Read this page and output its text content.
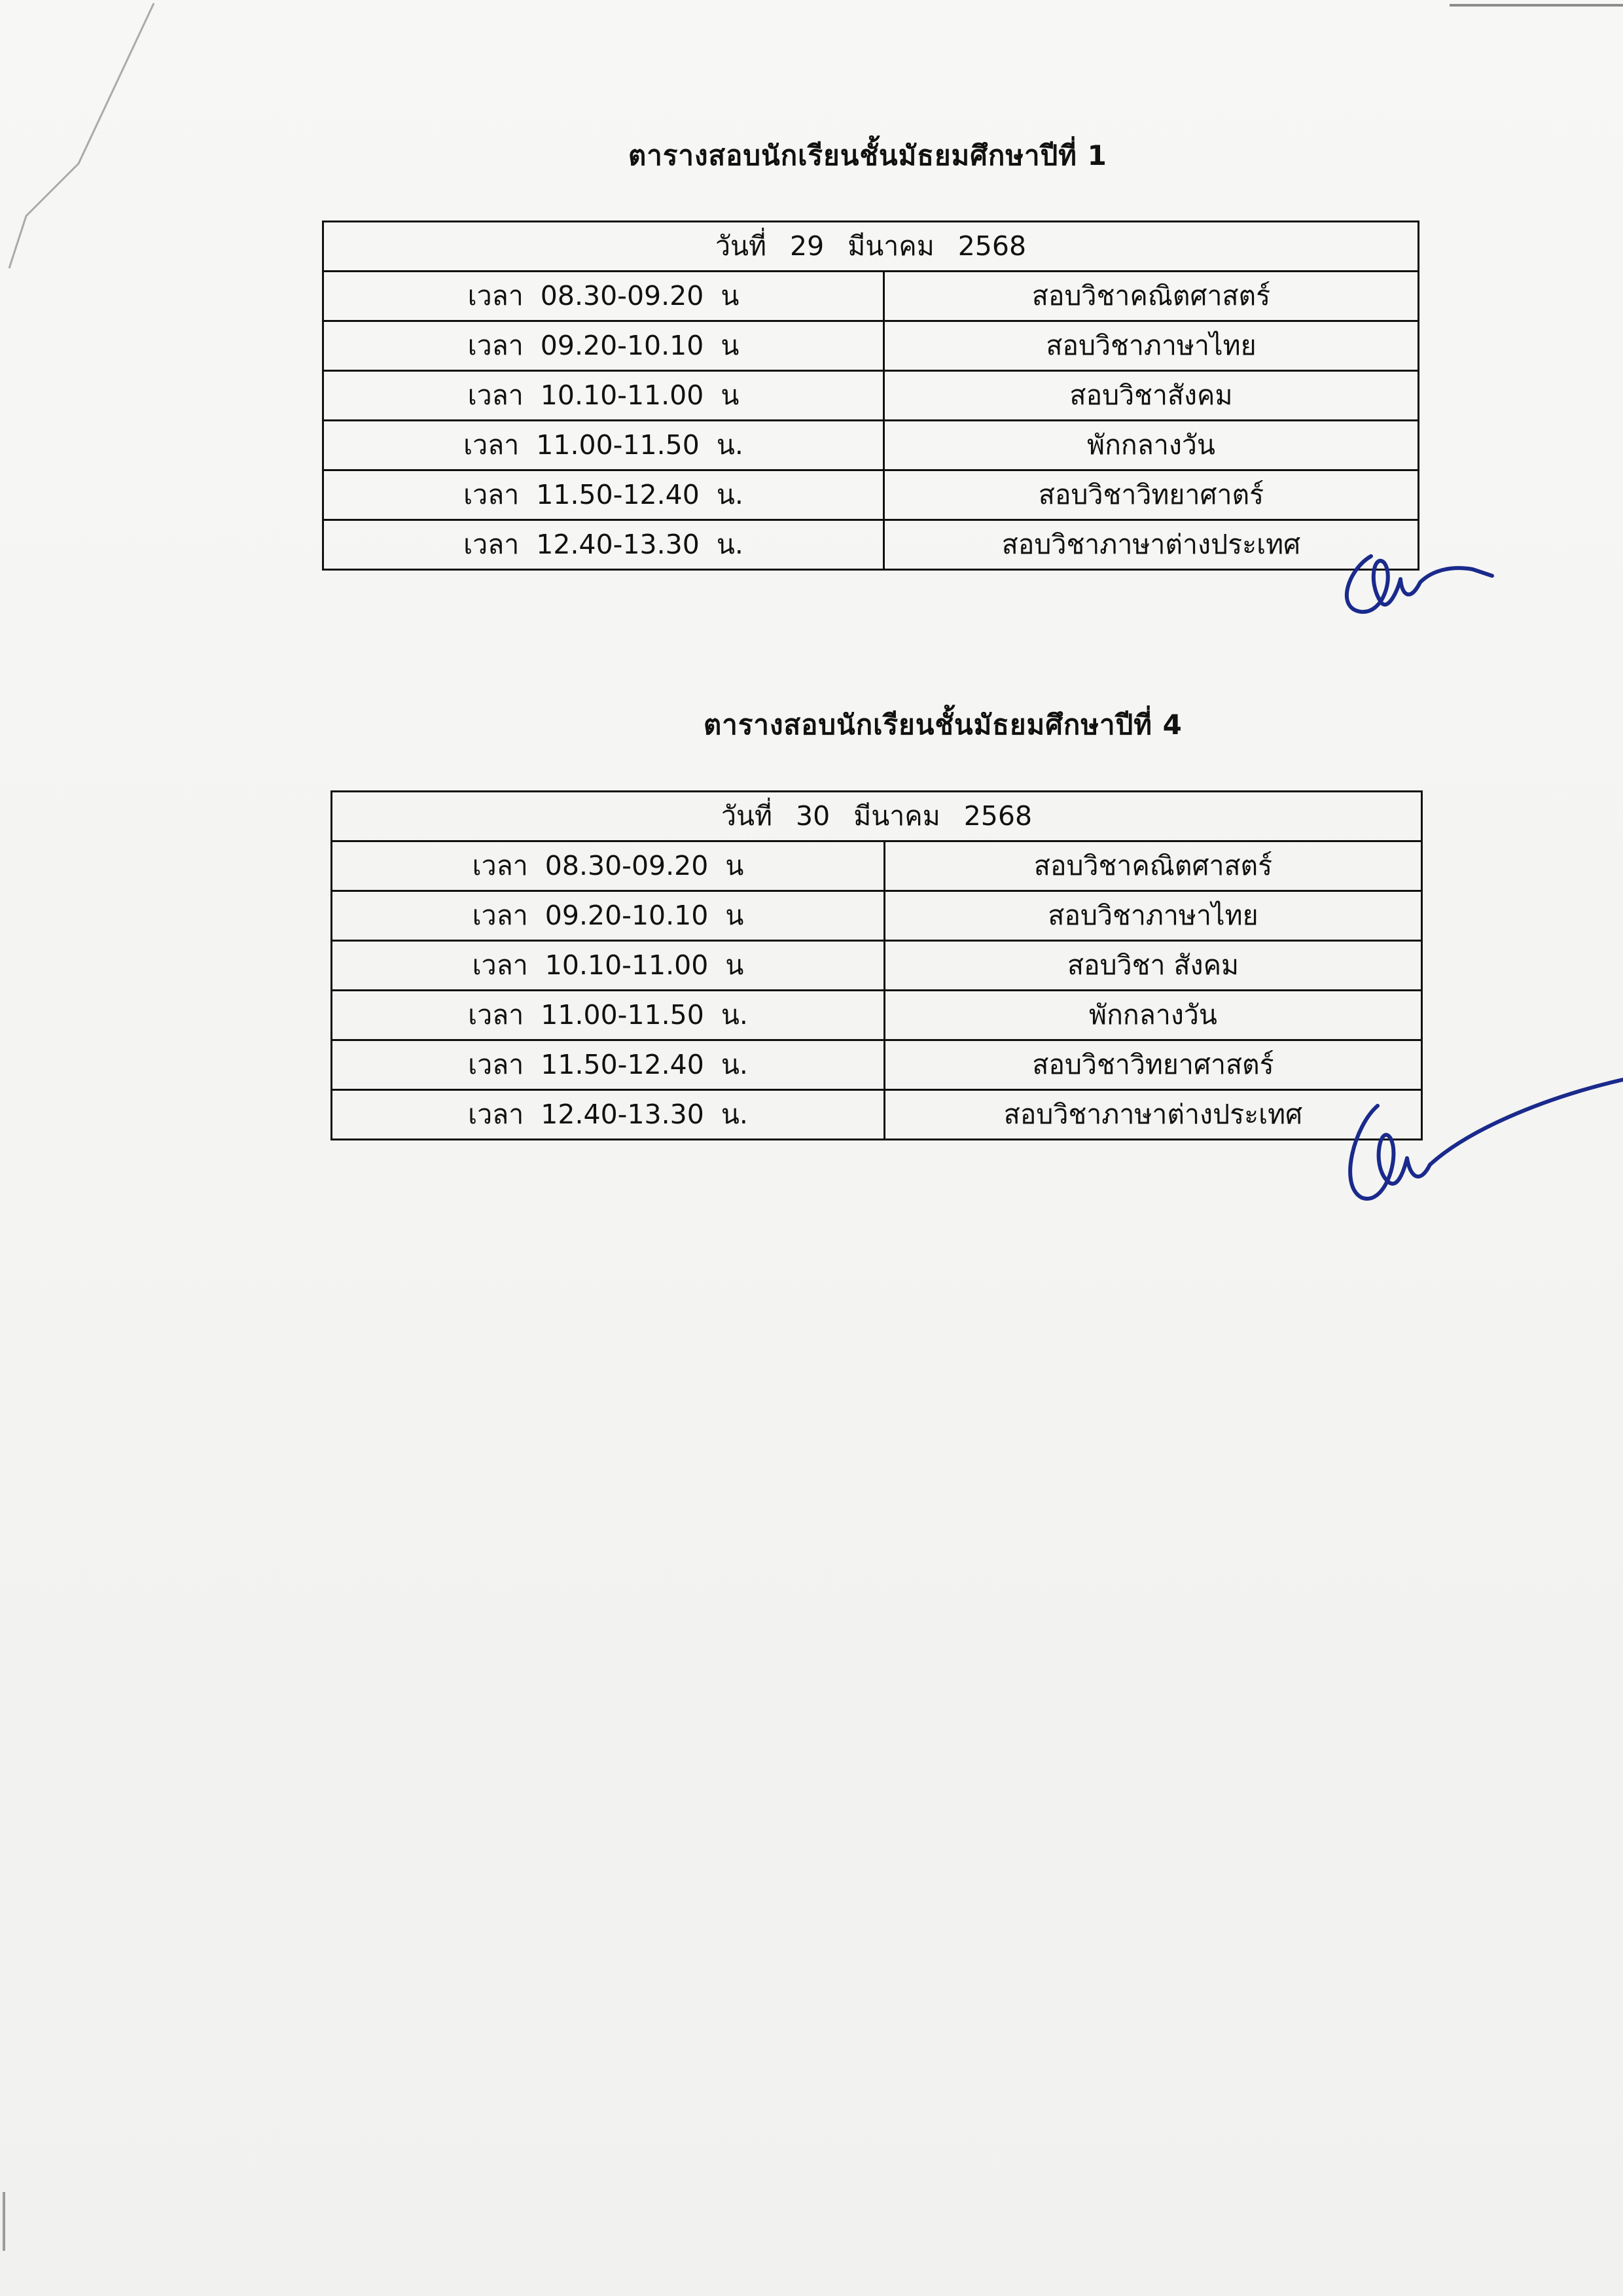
ตารางสอบนักเรียนชั้นมัธยมศึกษาปีที่ 1
วันที่ 29 มีนาคม 2568	
เวลา 08.30-09.20 น	สอบวิชาคณิตศาสตร์
เวลา 09.20-10.10 น	สอบวิชาภาษาไทย
เวลา 10.10-11.00 น	สอบวิชาสังคม
เวลา 11.00-11.50 น.	พักกลางวัน
เวลา 11.50-12.40 น.	สอบวิชาวิทยาศาตร์
เวลา 12.40-13.30 น.	สอบวิชาภาษาต่างประเทศ
ตารางสอบนักเรียนชั้นมัธยมศึกษาปีที่ 4
วันที่ 30 มีนาคม 2568	
เวลา 08.30-09.20 น	สอบวิชาคณิตศาสตร์
เวลา 09.20-10.10 น	สอบวิชาภาษาไทย
เวลา 10.10-11.00 น	สอบวิชา สังคม
เวลา 11.00-11.50 น.	พักกลางวัน
เวลา 11.50-12.40 น.	สอบวิชาวิทยาศาสตร์
เวลา 12.40-13.30 น.	สอบวิชาภาษาต่างประเทศ
